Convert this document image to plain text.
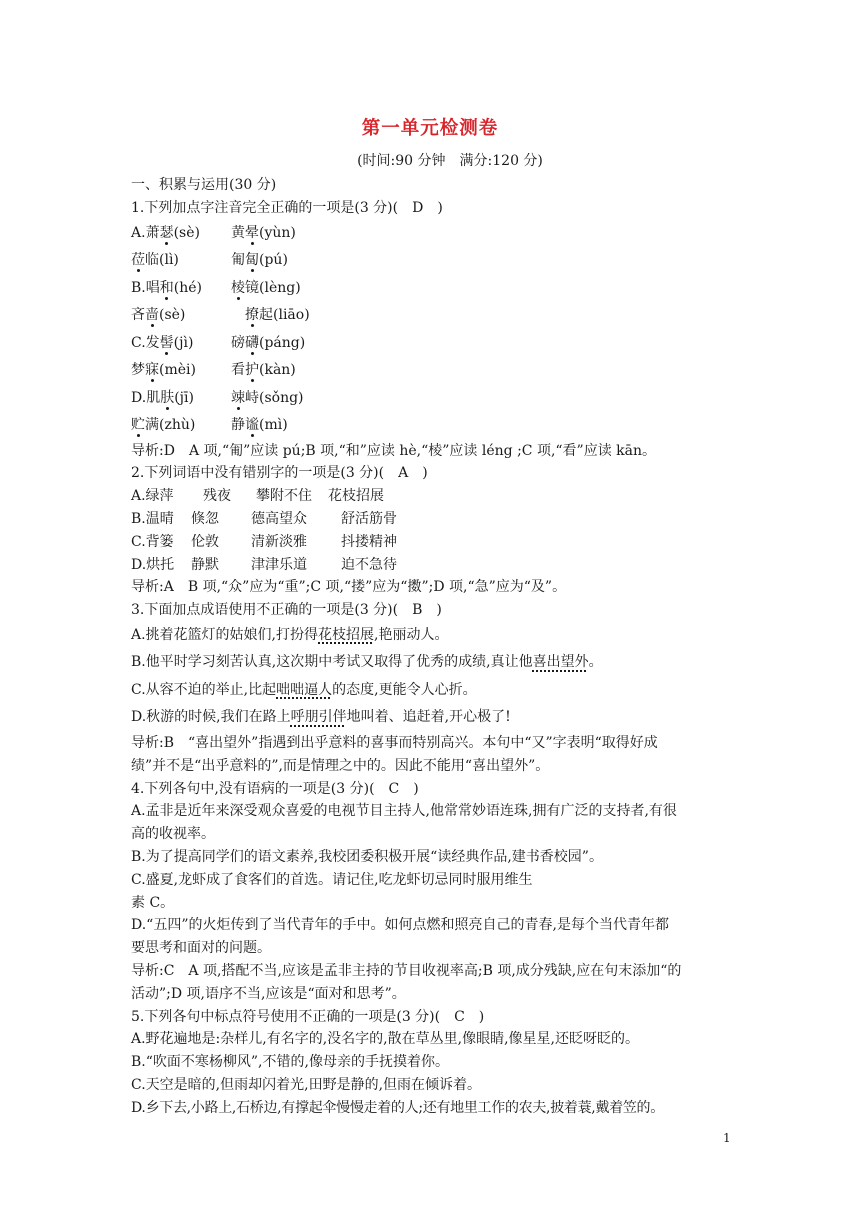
第一单元检测卷
(时间:90 分钟　满分:120 分)
一、积累与运用(30 分)
1.下列加点字注音完全正确的一项是(3 分)(　D　)
A.萧瑟(sè) 黄晕(yùn)
莅临(lì)	匍匐(pú)
B.唱和(hé) 棱镜(lèng)
吝啬(sè)	撩起(liāo)
C.发髻(jì)	磅礴(páng)
梦寐(mèi)	看护(kàn)
D.肌肤(jī)	竦峙(sǒng)
贮满(zhù)	静谧(mì)
导析:D　A 项,“匍”应读 pú;B 项,“和”应读 hè,“棱”应读 léng ;C 项,“看”应读 kān。
2.下列词语中没有错别字的一项是(3 分)(　A　)
A.绿萍 残夜 攀附不住 花枝招展
B.温晴 倏忽 德高望众 舒活筋骨
C.背篓 伦敦 清新淡雅 抖搂精神
D.烘托 静默 津津乐道 迫不急待
导析:A　B 项,“众”应为“重”;C 项,“搂”应为“擞”;D 项,“急”应为“及”。
3.下面加点成语使用不正确的一项是(3 分)(　B　)
A.挑着花篮灯的姑娘们,打扮得花枝招展,艳丽动人。
B.他平时学习刻苦认真,这次期中考试又取得了优秀的成绩,真让他喜出望外。
C.从容不迫的举止,比起咄咄逼人的态度,更能令人心折。
D.秋游的时候,我们在路上呼朋引伴地叫着、追赶着,开心极了!
导析:B　“喜出望外”指遇到出乎意料的喜事而特别高兴。本句中“又”字表明“取得好成
绩”并不是“出乎意料的”,而是情理之中的。因此不能用“喜出望外”。
4.下列各句中,没有语病的一项是(3 分)(　C　)
A.孟非是近年来深受观众喜爱的电视节目主持人,他常常妙语连珠,拥有广泛的支持者,有很
高的收视率。
B.为了提高同学们的语文素养,我校团委积极开展“读经典作品,建书香校园”。
C.盛夏,龙虾成了食客们的首选。请记住,吃龙虾切忌同时服用维生
素 C。
D.“五四”的火炬传到了当代青年的手中。如何点燃和照亮自己的青春,是每个当代青年都
要思考和面对的问题。
导析:C　A 项,搭配不当,应该是孟非主持的节目收视率高;B 项,成分残缺,应在句末添加“的
活动”;D 项,语序不当,应该是“面对和思考”。
5.下列各句中标点符号使用不正确的一项是(3 分)(　C　)
A.野花遍地是:杂样儿,有名字的,没名字的,散在草丛里,像眼睛,像星星,还眨呀眨的。
B.“吹面不寒杨柳风”,不错的,像母亲的手抚摸着你。
C.天空是暗的,但雨却闪着光,田野是静的,但雨在倾诉着。
D.乡下去,小路上,石桥边,有撑起伞慢慢走着的人;还有地里工作的农夫,披着蓑,戴着笠的。
1
